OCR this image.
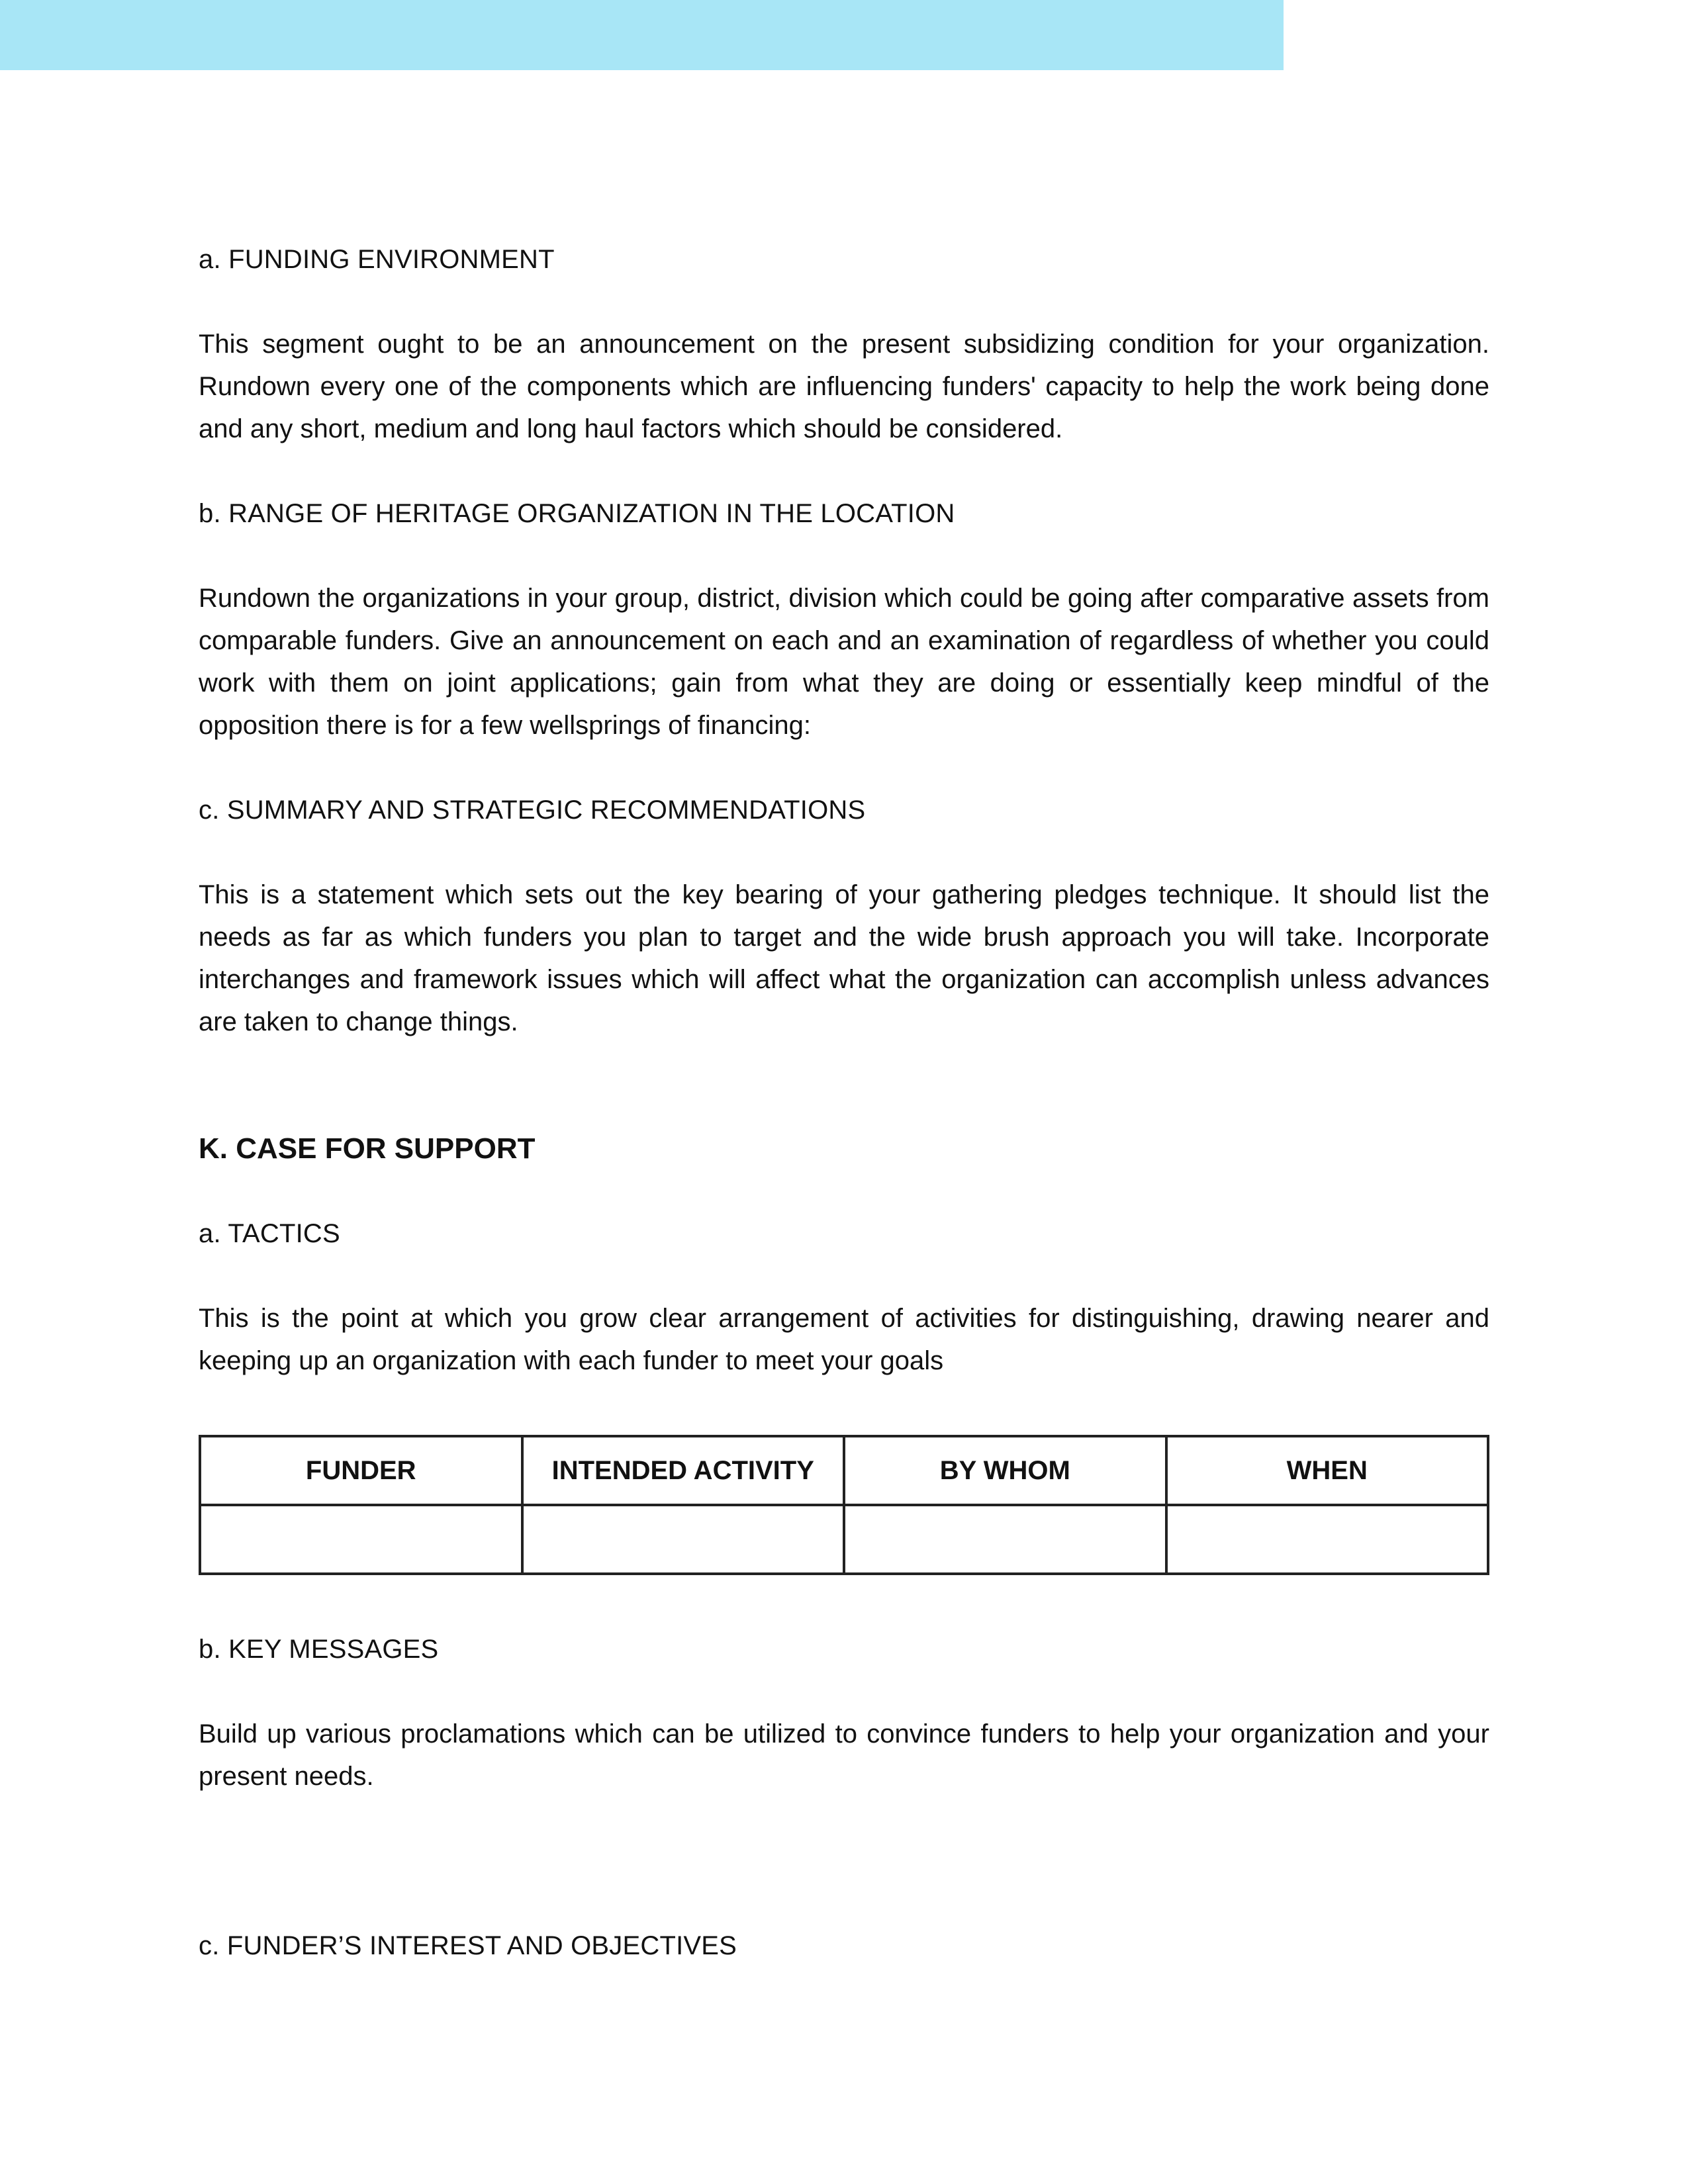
a. FUNDING ENVIRONMENT

This segment ought to be an announcement on the present subsidizing condition for your organization. Rundown every one of the components which are influencing funders' capacity to help the work being done and any short, medium and long haul factors which should be considered.

b. RANGE OF HERITAGE ORGANIZATION IN THE LOCATION

Rundown the organizations in your group, district, division which could be going after comparative assets from comparable funders. Give an announcement on each and an examination of regardless of whether you could work with them on joint applications; gain from what they are doing or essentially keep mindful of the opposition there is for a few wellsprings of financing:

c. SUMMARY AND STRATEGIC RECOMMENDATIONS

This is a statement which sets out the key bearing of your gathering pledges technique. It should list the needs as far as which funders you plan to target and the wide brush approach you will take. Incorporate interchanges and framework issues which will affect what the organization can accomplish unless advances are taken to change things.

K. CASE FOR SUPPORT

a. TACTICS

This is the point at which you grow clear arrangement of activities for distinguishing, drawing nearer and keeping up an organization with each funder to meet your goals

FUNDER	INTENDED ACTIVITY	BY WHOM	WHEN

b. KEY MESSAGES

Build up various proclamations which can be utilized to convince funders to help your organization and your present needs.

c. FUNDER’S INTEREST AND OBJECTIVES
